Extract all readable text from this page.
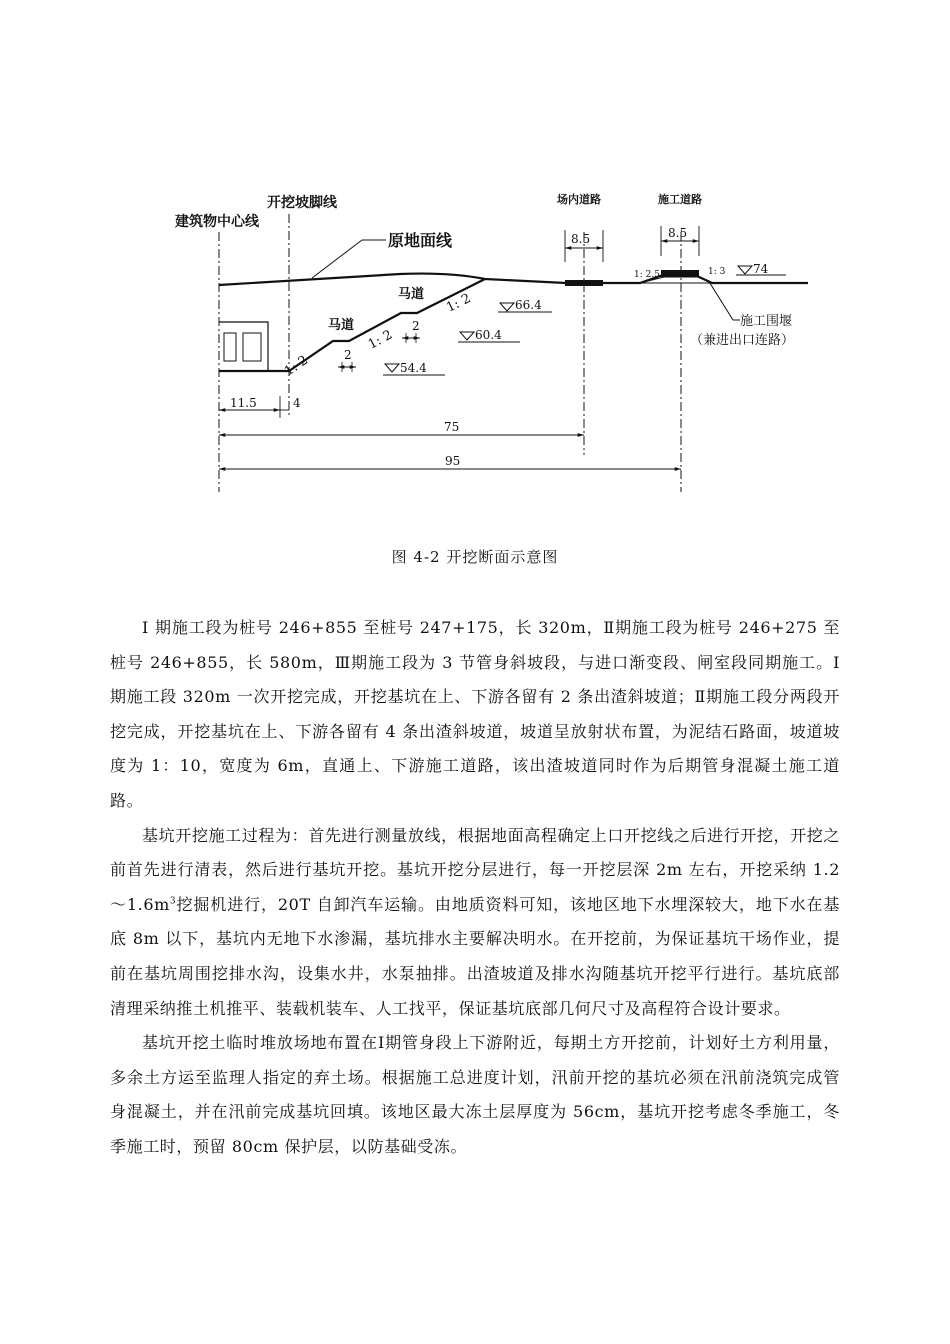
建筑物中心线
开挖坡脚线
原地面线
场内道路	施工道路
马道
马道
施工围堰
（兼进出口连路）
8.5	8.5
1: 2
1: 2
1: 2
1: 2.5	1: 3
2
2
74
66.4
60.4
54.4
11.5	4
75
95
图 4-2 开挖断面示意图

Ⅰ 期施工段为桩号 246+855 至桩号 247+175，长 320m，Ⅱ期施工段为桩号 246+275 至桩号 246+855，长 580m，Ⅲ期施工段为 3 节管身斜坡段，与进口渐变段、闸室段同期施工。Ⅰ期施工段 320m 一次开挖完成，开挖基坑在上、下游各留有 2 条出渣斜坡道；Ⅱ期施工段分两段开挖完成，开挖基坑在上、下游各留有 4 条出渣斜坡道，坡道呈放射状布置，为泥结石路面，坡道坡度为 1：10，宽度为 6m，直通上、下游施工道路，该出渣坡道同时作为后期管身混凝土施工道路。

基坑开挖施工过程为：首先进行测量放线，根据地面高程确定上口开挖线之后进行开挖，开挖之前首先进行清表，然后进行基坑开挖。基坑开挖分层进行，每一开挖层深 2m 左右，开挖采纳 $1.2\sim 1.6m^3$挖掘机进行，20T 自卸汽车运输。由地质资料可知，该地区地下水埋深较大，地下水在基底 8m 以下，基坑内无地下水渗漏，基坑排水主要解决明水。在开挖前，为保证基坑干场作业，提前在基坑周围挖排水沟，设集水井，水泵抽排。出渣坡道及排水沟随基坑开挖平行进行。基坑底部清理采纳推土机推平、装载机装车、人工找平，保证基坑底部几何尺寸及高程符合设计要求。

基坑开挖土临时堆放场地布置在Ⅰ期管身段上下游附近，每期土方开挖前，计划好土方利用量，多余土方运至监理人指定的弃土场。根据施工总进度计划，汛前开挖的基坑必须在汛前浇筑完成管身混凝土，并在汛前完成基坑回填。该地区最大冻土层厚度为 56cm，基坑开挖考虑冬季施工，冬季施工时，预留 80cm 保护层，以防基础受冻。
